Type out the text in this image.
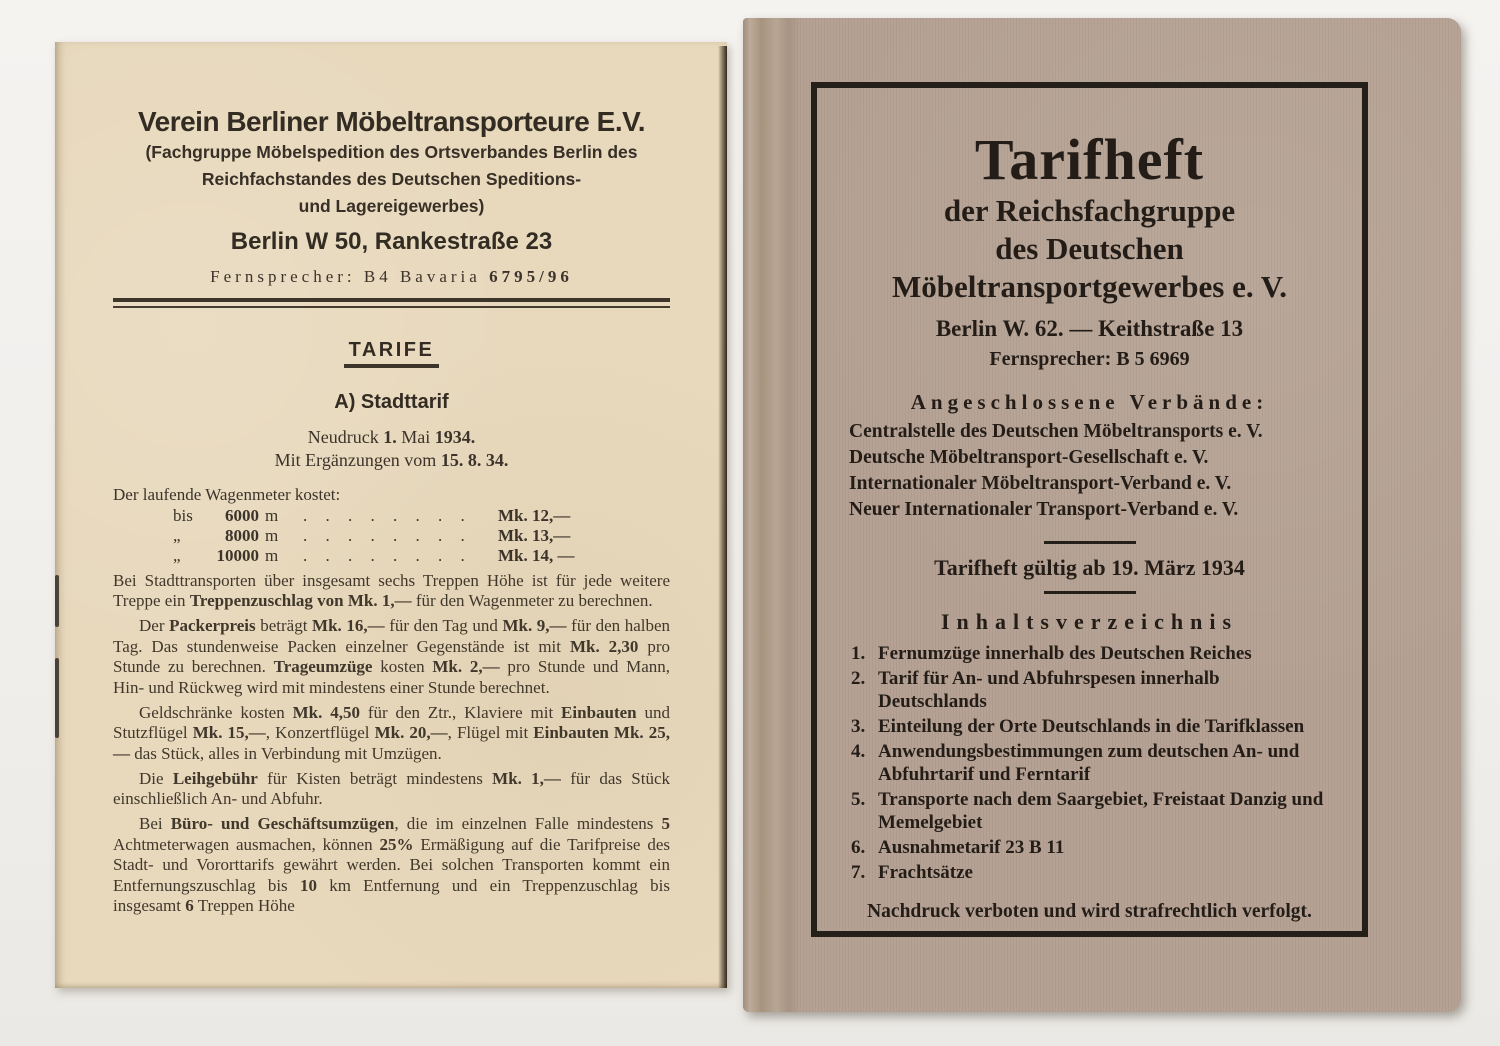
Verein Berliner Möbeltransporteure E.V.
(Fachgruppe Möbelspedition des Ortsverbandes Berlin des
Reichfachstandes des Deutschen Speditions-
und Lagereigewerbes)
Berlin W 50, Rankestraße 23
Fernsprecher: B4 Bavaria 6795/96
TARIFE
A) Stadttarif
Neudruck 1. Mai 1934.
Mit Ergänzungen vom 15. 8. 34.
Der laufende Wagenmeter kostet:
bis	6000 m	. . . . . . . .	Mk. 12,—
„	8000 m	. . . . . . . .	Mk. 13,—
„	10000 m	. . . . . . . .	Mk. 14, —

Bei Stadttransporten über insgesamt sechs Treppen Höhe ist für jede weitere Treppe ein Treppenzuschlag von Mk. 1,— für den Wagenmeter zu berechnen.

Der Packerpreis beträgt Mk. 16,— für den Tag und Mk. 9,— für den halben Tag. Das stundenweise Packen einzelner Gegenstände ist mit Mk. 2,30 pro Stunde zu berechnen. Trageumzüge kosten Mk. 2,— pro Stunde und Mann, Hin- und Rückweg wird mit mindestens einer Stunde berechnet.

Geldschränke kosten Mk. 4,50 für den Ztr., Klaviere mit Einbauten und Stutzflügel Mk. 15,—, Konzertflügel Mk. 20,—, Flügel mit Einbauten Mk. 25,— das Stück, alles in Verbindung mit Umzügen.

Die Leihgebühr für Kisten beträgt mindestens Mk. 1,— für das Stück einschließlich An- und Abfuhr.

Bei Büro- und Geschäftsumzügen, die im einzelnen Falle mindestens 5 Achtmeterwagen ausmachen, können 25% Ermäßigung auf die Tarifpreise des Stadt- und Vororttarifs gewährt werden. Bei solchen Transporten kommt ein Entfernungszuschlag bis 10 km Entfernung und ein Treppenzuschlag bis insgesamt 6 Treppen Höhe

Tarifheft
der Reichsfachgruppe
des Deutschen
Möbeltransportgewerbes e. V.
Berlin W. 62. — Keithstraße 13
Fernsprecher: B 5 6969
Angeschlossene Verbände:
Centralstelle des Deutschen Möbeltransports e. V.
Deutsche Möbeltransport-Gesellschaft e. V.
Internationaler Möbeltransport-Verband e. V.
Neuer Internationaler Transport-Verband e. V.
Tarifheft gültig ab 19. März 1934
Inhaltsverzeichnis
1. Fernumzüge innerhalb des Deutschen Reiches
2. Tarif für An- und Abfuhrspesen innerhalb Deutschlands
3. Einteilung der Orte Deutschlands in die Tarifklassen
4. Anwendungsbestimmungen zum deutschen An- und Abfuhrtarif und Ferntarif
5. Transporte nach dem Saargebiet, Freistaat Danzig und Memelgebiet
6. Ausnahmetarif 23 B 11
7. Frachtsätze
Nachdruck verboten und wird strafrechtlich verfolgt.
